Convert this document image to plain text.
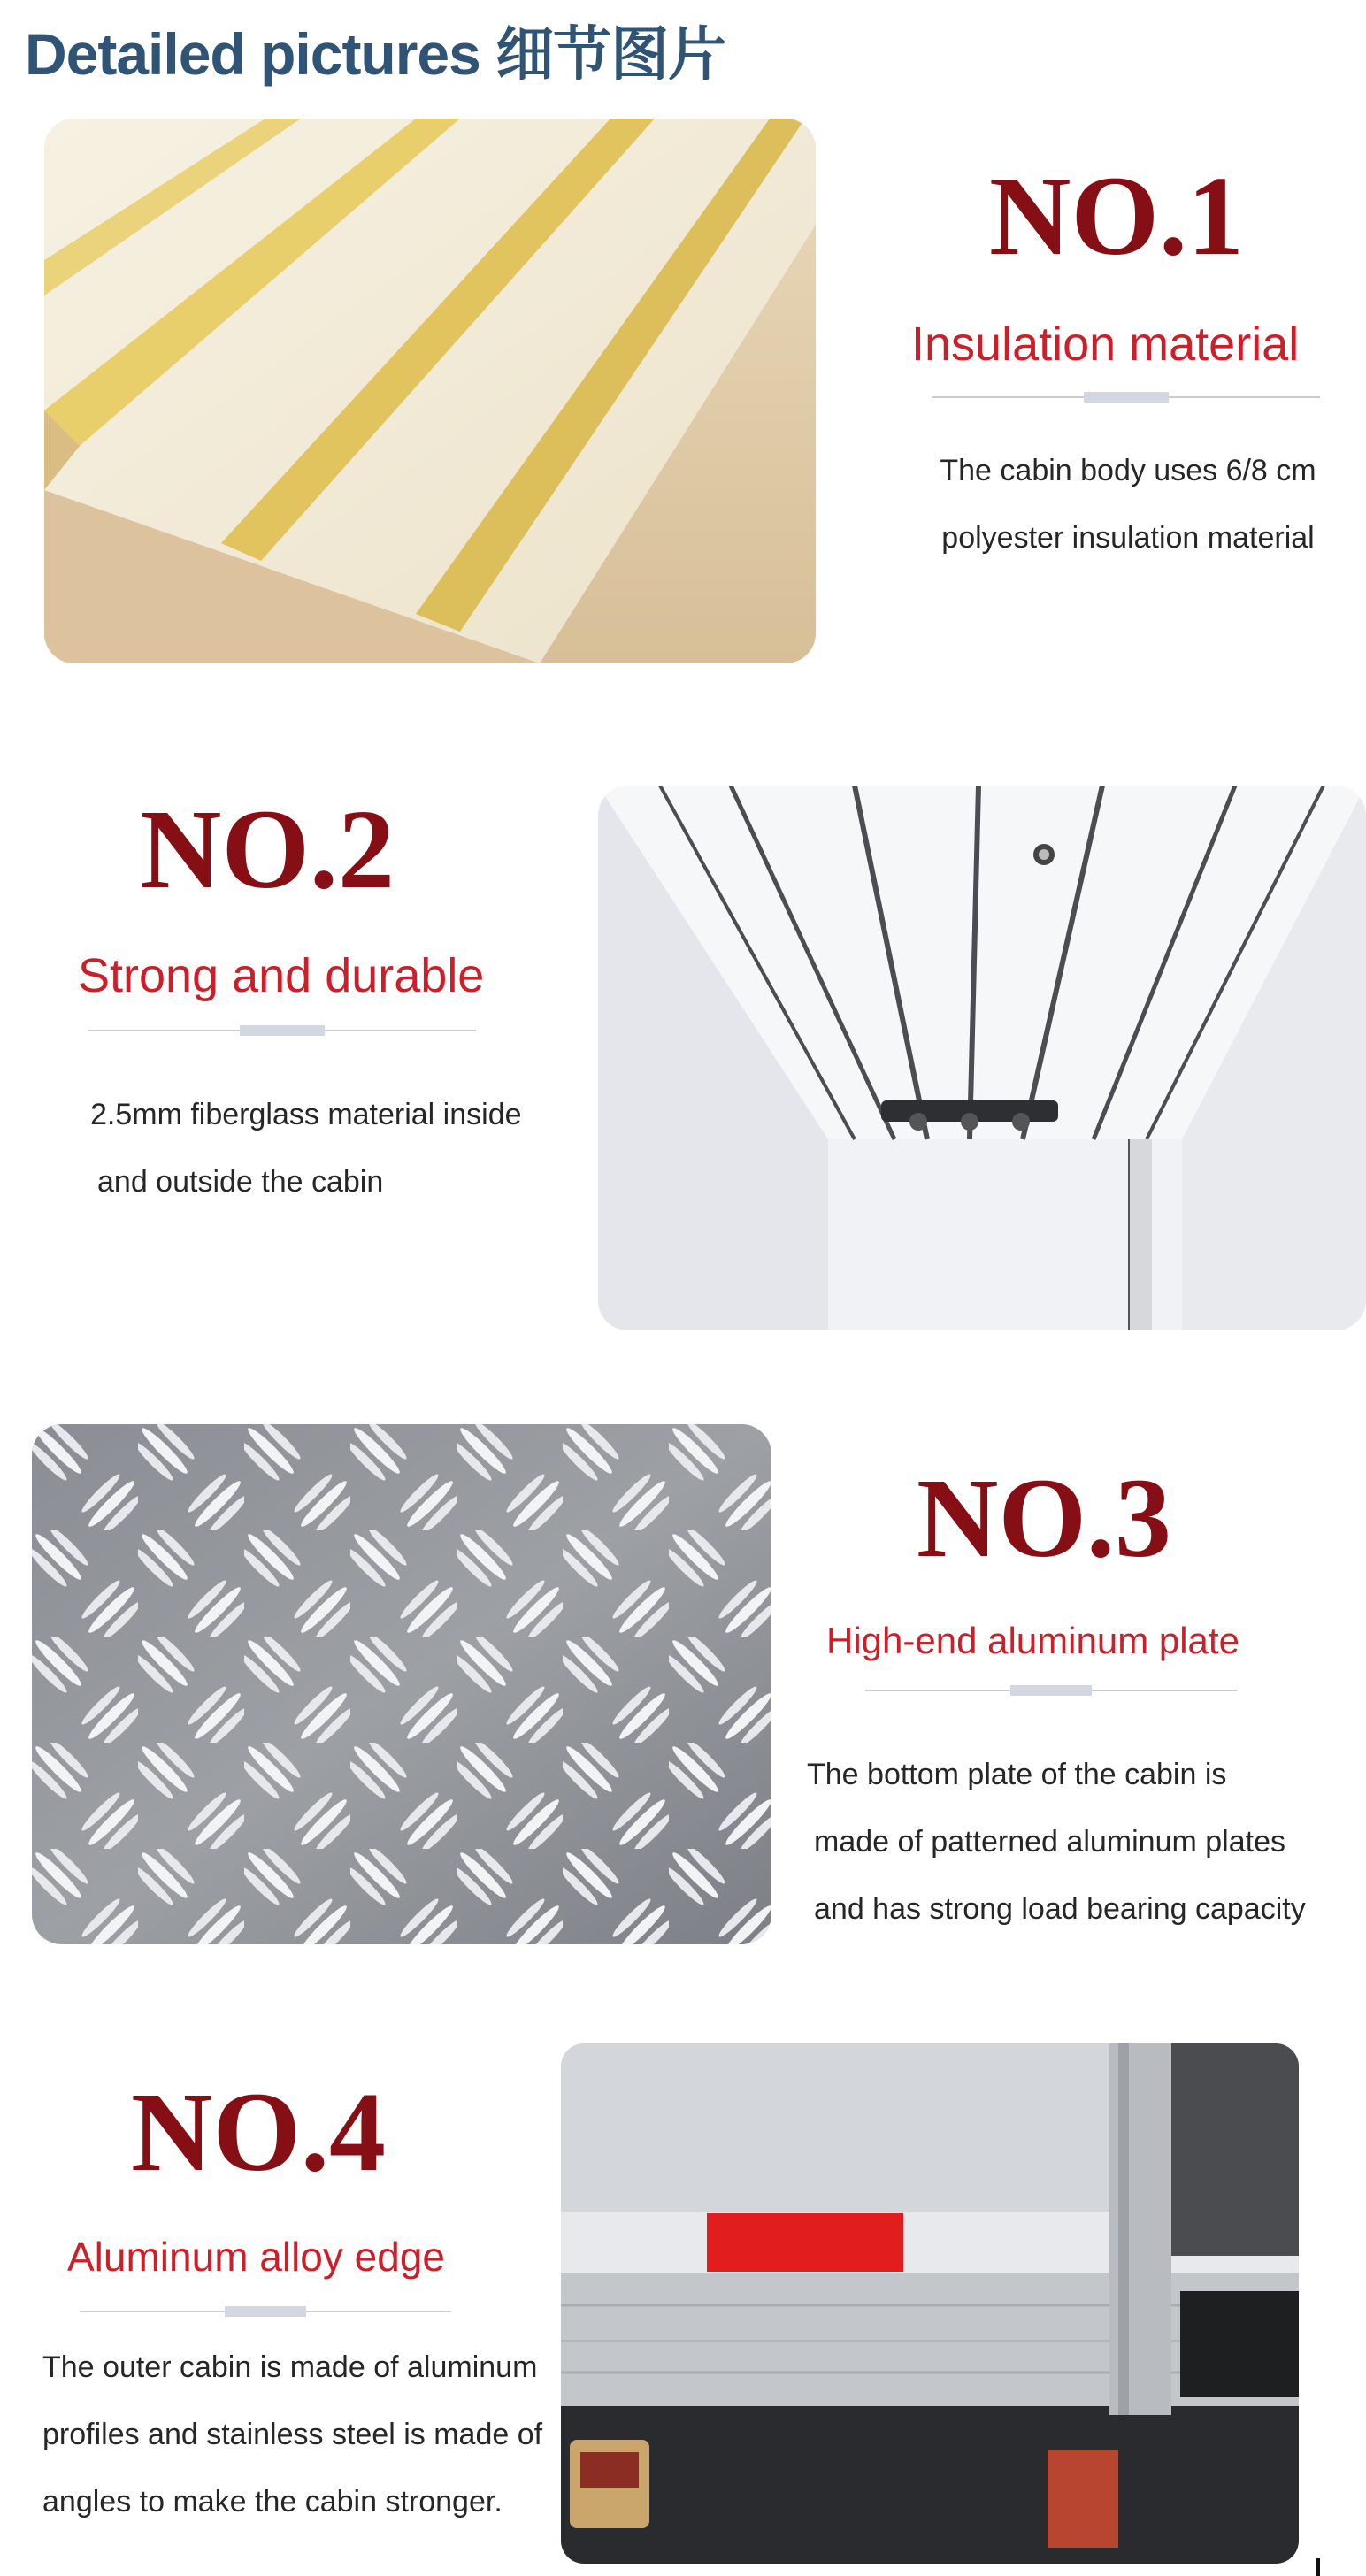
Detailed pictures 细节图片
NO.1
Insulation material
The cabin body uses 6/8 cm
polyester insulation material
NO.2
Strong and durable
2.5mm fiberglass material inside
and outside the cabin
NO.3
High-end aluminum plate
The bottom plate of the cabin is
made of patterned aluminum plates
and has strong load bearing capacity
NO.4
Aluminum alloy edge
The outer cabin is made of aluminum
profiles and stainless steel is made of
angles to make the cabin stronger.
